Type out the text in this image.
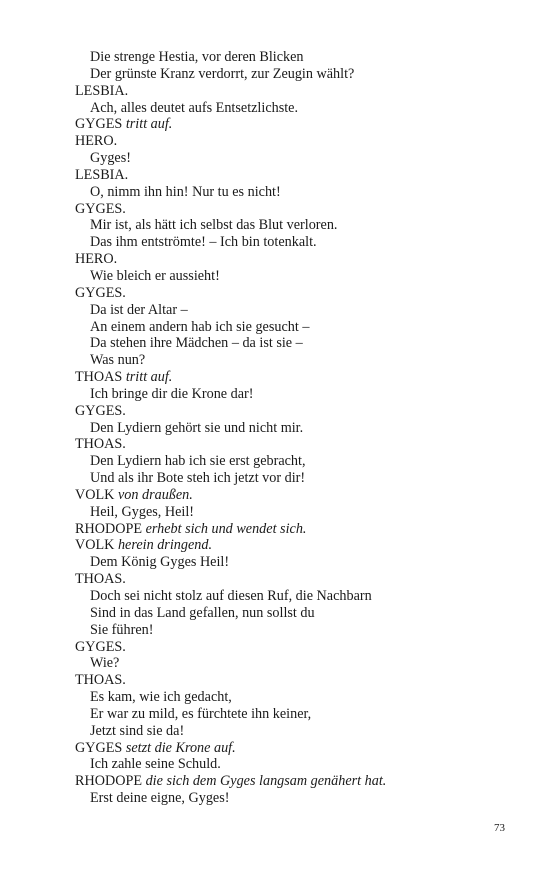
Die strenge Hestia, vor deren Blicken
Der grünste Kranz verdorrt, zur Zeugin wählt?
LESBIA.
Ach, alles deutet aufs Entsetzlichste.
GYGES tritt auf.
HERO.
Gyges!
LESBIA.
O, nimm ihn hin! Nur tu es nicht!
GYGES.
Mir ist, als hätt ich selbst das Blut verloren.
Das ihm entströmte! – Ich bin totenkalt.
HERO.
Wie bleich er aussieht!
GYGES.
Da ist der Altar –
An einem andern hab ich sie gesucht –
Da stehen ihre Mädchen – da ist sie –
Was nun?
THOAS tritt auf.
Ich bringe dir die Krone dar!
GYGES.
Den Lydiern gehört sie und nicht mir.
THOAS.
Den Lydiern hab ich sie erst gebracht,
Und als ihr Bote steh ich jetzt vor dir!
VOLK von draußen.
Heil, Gyges, Heil!
RHODOPE erhebt sich und wendet sich.
VOLK herein dringend.
Dem König Gyges Heil!
THOAS.
Doch sei nicht stolz auf diesen Ruf, die Nachbarn
Sind in das Land gefallen, nun sollst du
Sie führen!
GYGES.
Wie?
THOAS.
Es kam, wie ich gedacht,
Er war zu mild, es fürchtete ihn keiner,
Jetzt sind sie da!
GYGES setzt die Krone auf.
Ich zahle seine Schuld.
RHODOPE die sich dem Gyges langsam genähert hat.
Erst deine eigne, Gyges!
73
